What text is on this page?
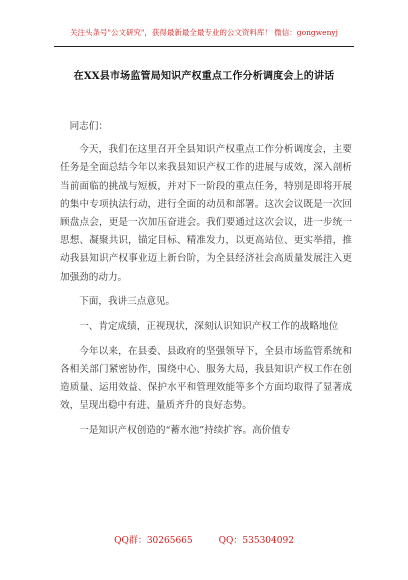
关注头条号"公文研究"，获得最新最全最专业的公文资料库！ 微信：gongwenyj
在XX县市场监管局知识产权重点工作分析调度会上的讲话

同志们：

今天，我们在这里召开全县知识产权重点工作分析调度会，主要任务是全面总结今年以来我县知识产权工作的进展与成效，深入剖析当前面临的挑战与短板，并对下一阶段的重点任务，特别是即将开展的集中专项执法行动，进行全面的动员和部署。这次会议既是一次回顾盘点会，更是一次加压奋进会。我们要通过这次会议，进一步统一思想、凝聚共识，锚定目标、精准发力，以更高站位、更实举措，推动我县知识产权事业迈上新台阶，为全县经济社会高质量发展注入更加强劲的动力。

下面，我讲三点意见。

一、肯定成绩，正视现状，深刻认识知识产权工作的战略地位

今年以来，在县委、县政府的坚强领导下，全县市场监管系统和各相关部门紧密协作，围绕中心、服务大局，我县知识产权工作在创造质量、运用效益、保护水平和管理效能等多个方面均取得了显著成效，呈现出稳中有进、量质齐升的良好态势。

一是知识产权创造的“蓄水池”持续扩容。高价值专

QQ群：30265665	QQ：535304092
